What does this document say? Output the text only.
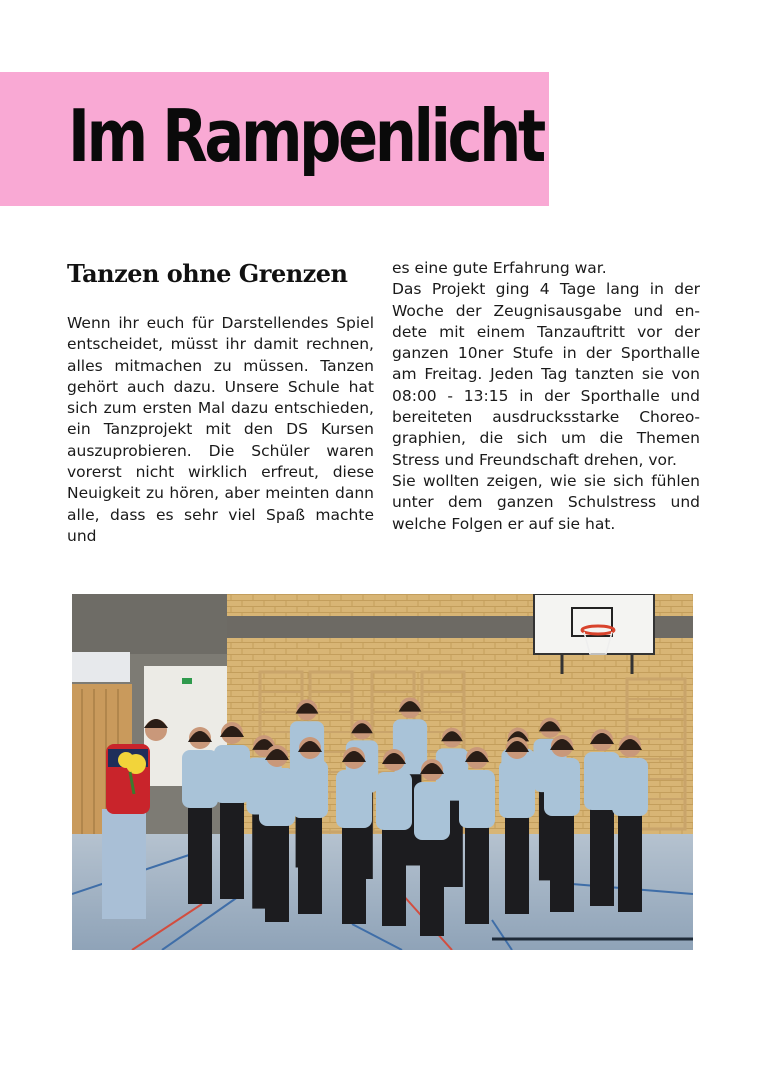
Im Rampenlicht
Tanzen ohne Grenzen

Wenn ihr euch für Darstellendes Spiel entscheidet, müsst ihr damit rechnen, alles mitmachen zu müssen. Tanzen gehört auch dazu. Unsere Schule hat sich zum ersten Mal dazu entschieden, ein Tanzprojekt mit den DS Kursen auszuprobieren. Die Schüler waren vorerst nicht wirklich erfreut, diese Neuigkeit zu hören, aber meinten dann alle, dass es sehr viel Spaß machte und

es eine gute Erfahrung war.

Das Projekt ging 4 Tage lang in der Woche der Zeugnisausgabe und endete mit einem Tanzauftritt vor der ganzen 10ner Stufe in der Sporthalle am Freitag. Jeden Tag tanzten sie von 08:00 - 13:15 in der Sporthalle und bereiteten ausdrucksstarke Choreographien, die sich um die Themen Stress und Freundschaft drehen, vor.

Sie wollten zeigen, wie sie sich fühlen unter dem ganzen Schulstress und welche Folgen er auf sie hat.
